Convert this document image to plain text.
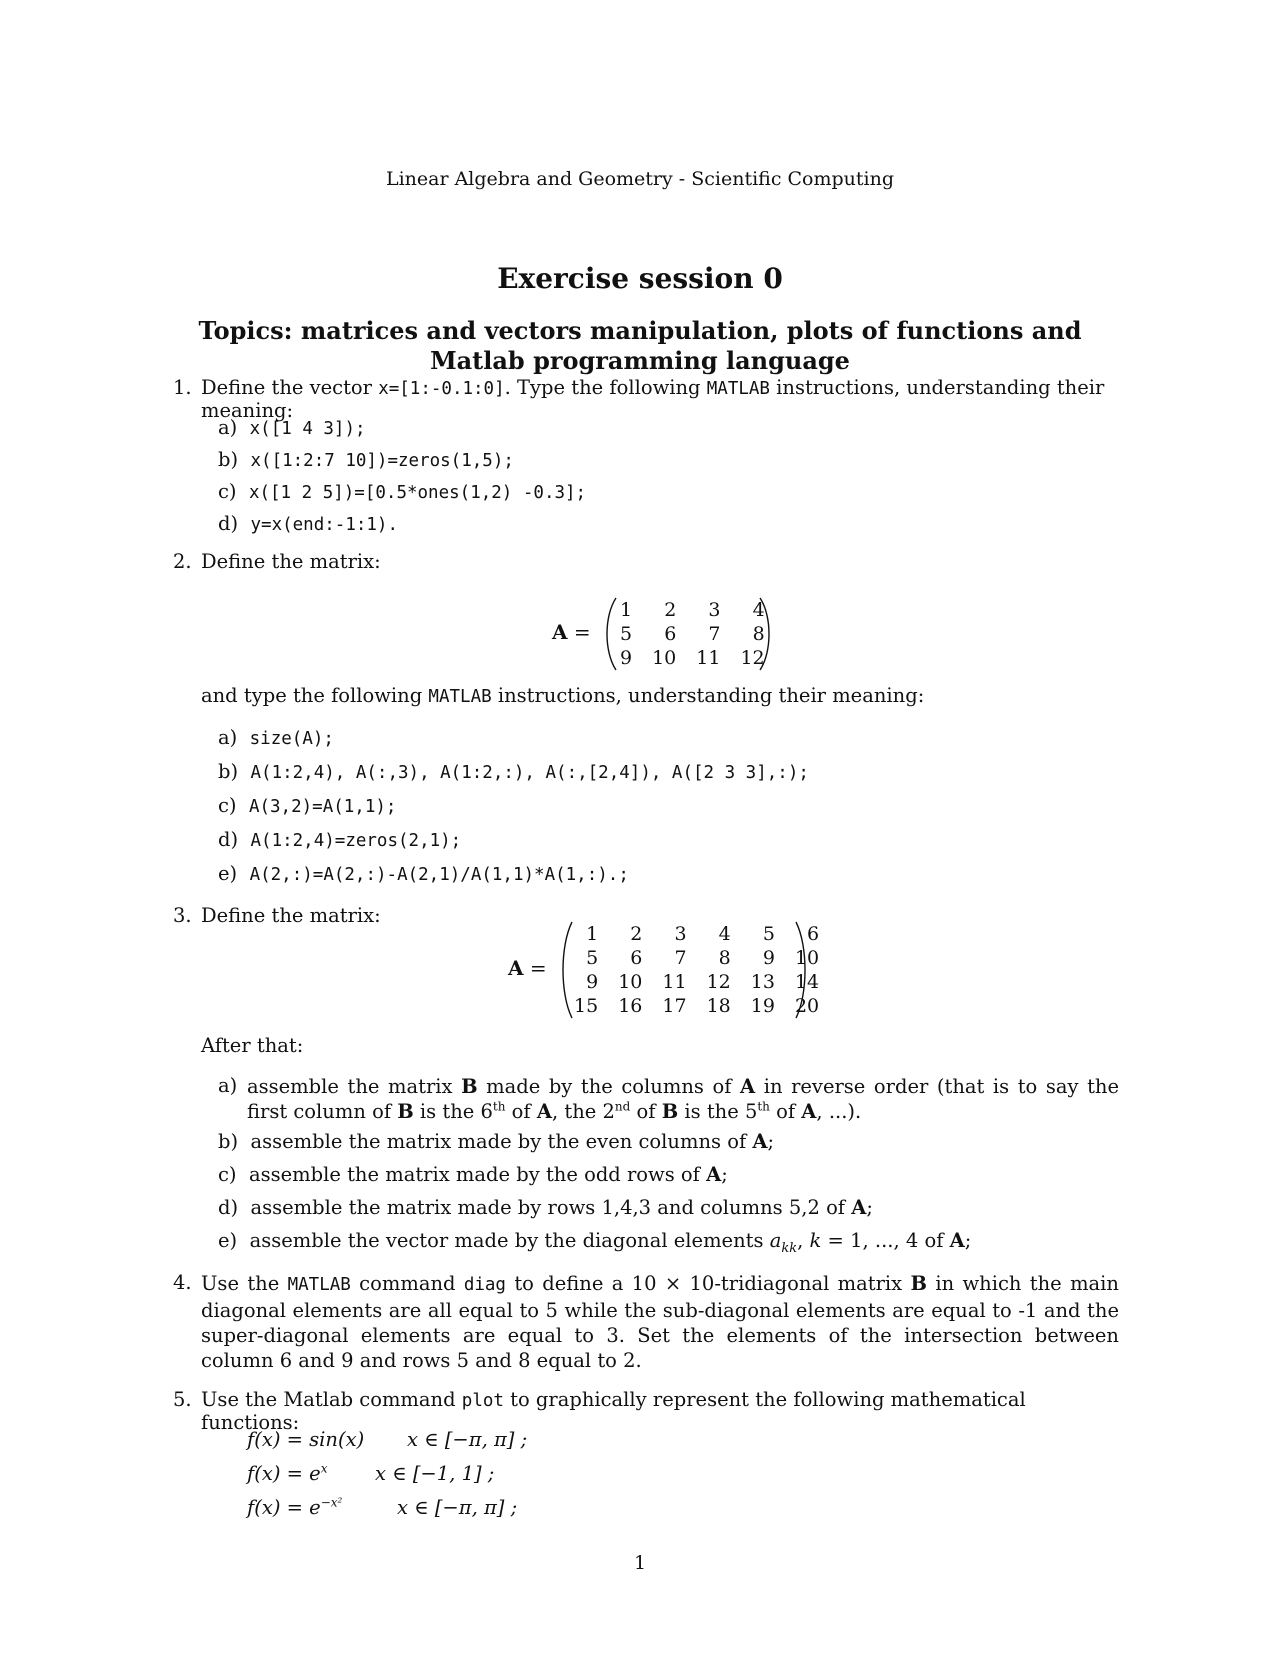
Linear Algebra and Geometry - Scientific Computing
Exercise session 0
Topics: matrices and vectors manipulation, plots of functions and Matlab programming language
1. Define the vector x=[1:-0.1:0]. Type the following MATLAB instructions, understanding their meaning:
a) x([1 4 3]);
b) x([1:2:7 10])=zeros(1,5);
c) x([1 2 5])=[0.5*ones(1,2) -0.3];
d) y=x(end:-1:1).
2. Define the matrix:
A =
1	2	3	4
5	6	7	8
9	10	11	12
and type the following MATLAB instructions, understanding their meaning:
a) size(A);
b) A(1:2,4), A(:,3), A(1:2,:), A(:,[2,4]), A([2 3 3],:);
c) A(3,2)=A(1,1);
d) A(1:2,4)=zeros(2,1);
e) A(2,:)=A(2,:)-A(2,1)/A(1,1)*A(1,:).;
3. Define the matrix:
A =
1	2	3	4	5	6
5	6	7	8	9	10
9	10	11	12	13	14
15	16	17	18	19	20
After that:
a) assemble the matrix B made by the columns of A in reverse order (that is to say the first column of B is the 6th of A, the 2nd of B is the 5th of A, ...).
b) assemble the matrix made by the even columns of A;
c) assemble the matrix made by the odd rows of A;
d) assemble the matrix made by rows 1,4,3 and columns 5,2 of A;
e) assemble the vector made by the diagonal elements $a_{kk}$, k = 1, ..., 4 of A;
4. Use the MATLAB command diag to define a 10 × 10-tridiagonal matrix B in which the main diagonal elements are all equal to 5 while the sub-diagonal elements are equal to -1 and the super-diagonal elements are equal to 3. Set the elements of the intersection between column 6 and 9 and rows 5 and 8 equal to 2.
5. Use the Matlab command plot to graphically represent the following mathematical functions:
f(x) = sin(x) x ∈ [−π, π] ;
$f(x) = e^x$ x ∈ [−1, 1] ;
$f(x) = e^{-x^2}$	x ∈ [−π, π] ;
1
